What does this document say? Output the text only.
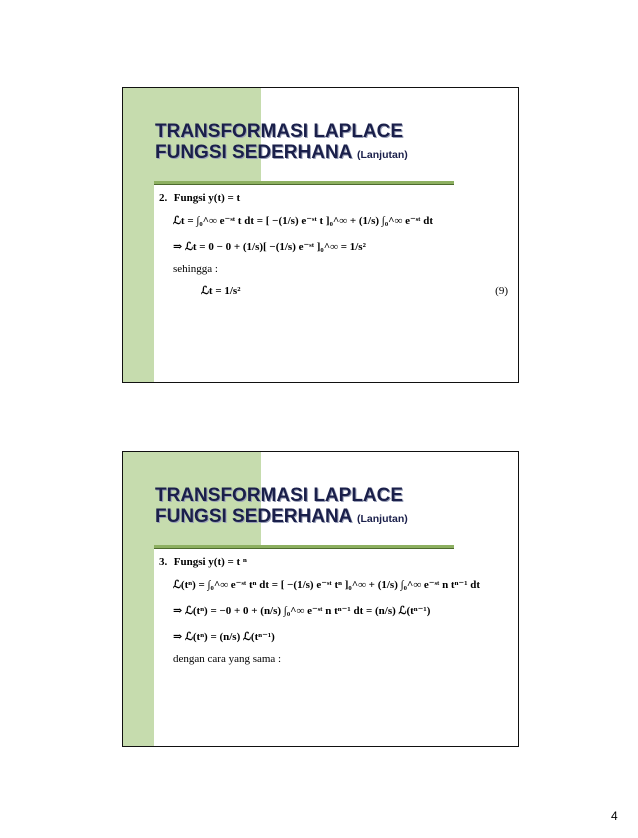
TRANSFORMASI LAPLACE
FUNGSI SEDERHANA (Lanjutan)
2. Fungsi y(t) = t
ℒt = ∫₀^∞ e⁻ˢᵗ t dt = [ −(1/s) e⁻ˢᵗ t ]₀^∞ + (1/s) ∫₀^∞ e⁻ˢᵗ dt
⇒ ℒt = 0 − 0 + (1/s)[ −(1/s) e⁻ˢᵗ ]₀^∞ = 1/s²
sehingga :
ℒt = 1/s²	(9)
TRANSFORMASI LAPLACE
FUNGSI SEDERHANA (Lanjutan)
3. Fungsi y(t) = t ⁿ
ℒ(tⁿ) = ∫₀^∞ e⁻ˢᵗ tⁿ dt = [ −(1/s) e⁻ˢᵗ tⁿ ]₀^∞ + (1/s) ∫₀^∞ e⁻ˢᵗ n tⁿ⁻¹ dt
⇒ ℒ(tⁿ) = −0 + 0 + (n/s) ∫₀^∞ e⁻ˢᵗ n tⁿ⁻¹ dt = (n/s) ℒ(tⁿ⁻¹)
⇒ ℒ(tⁿ) = (n/s) ℒ(tⁿ⁻¹)
dengan cara yang sama :
4
